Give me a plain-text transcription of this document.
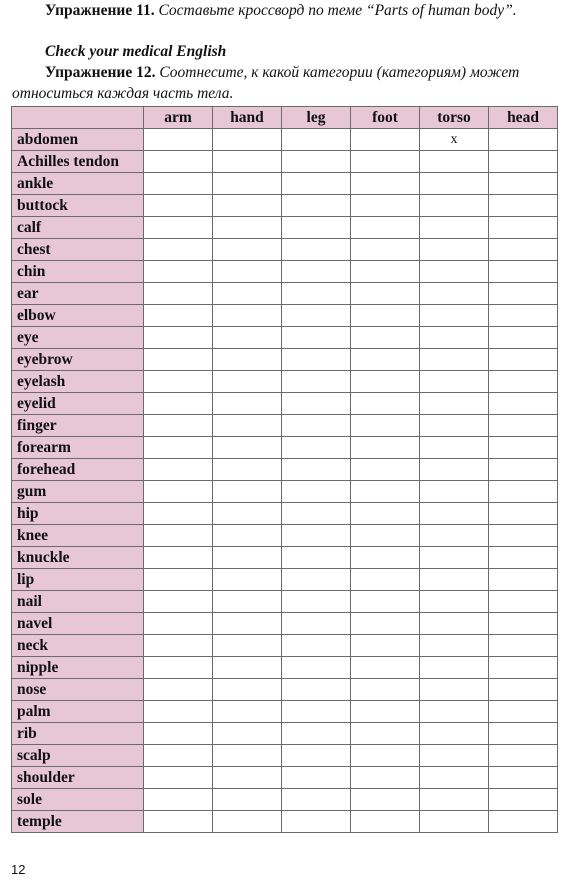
Упражнение 11. Составьте кроссворд по теме “Parts of human body”.
Check your medical English
Упражнение 12. Соотнесите, к какой категории (категориям) может
относиться каждая часть тела.
	arm	hand	leg	foot	torso	head
abdomen					x	
Achilles tendon						
ankle						
buttock						
calf						
chest						
chin						
ear						
elbow						
eye						
eyebrow						
eyelash						
eyelid						
finger						
forearm						
forehead						
gum						
hip						
knee						
knuckle						
lip						
nail						
navel						
neck						
nipple						
nose						
palm						
rib						
scalp						
shoulder						
sole						
temple						
12
